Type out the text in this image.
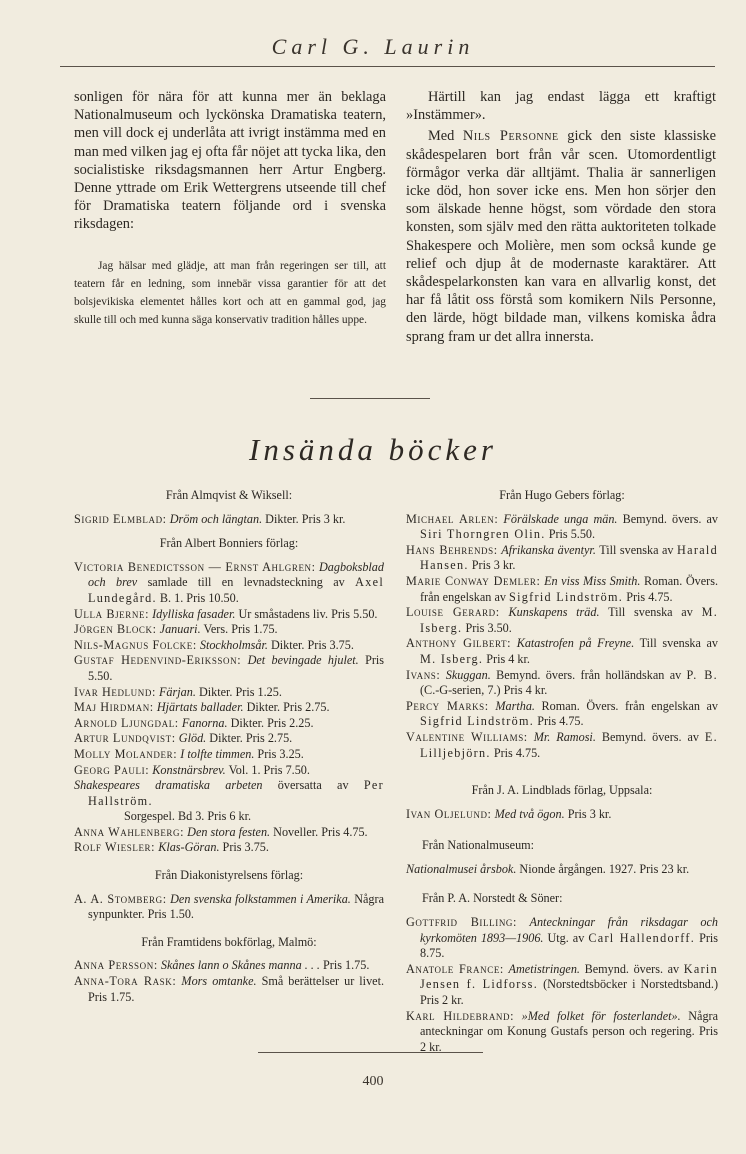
Carl G. Laurin

sonligen för nära för att kunna mer än beklaga Nationalmuseum och lyckönska Dramatiska teatern, men vill dock ej underlåta att ivrigt instämma med en man med vilken jag ej ofta får nöjet att tycka lika, den socialistiske riksdagsmannen herr Artur Engberg. Denne yttrade om Erik Wettergrens utseende till chef för Dramatiska teatern följande ord i svenska riksdagen:

Jag hälsar med glädje, att man från regeringen ser till, att teatern får en ledning, som innebär vissa garantier för att det bolsjevikiska elementet hålles kort och att en gammal god, jag skulle till och med kunna säga konservativ tradition hålles uppe.

Härtill kan jag endast lägga ett kraftigt »Instämmer».

Med Nils Personne gick den siste klassiske skådespelaren bort från vår scen. Utomordentligt förmågor verka där alltjämt. Thalia är sannerligen icke död, hon sover icke ens. Men hon sörjer den som älskade henne högst, som vördade den stora konsten, som själv med den rätta auktoriteten tolkade Shakespere och Molière, men som också kunde ge relief och djup åt de modernaste karaktärer. Att skådespelarkonsten kan vara en allvarlig konst, det har få låtit oss förstå som komikern Nils Personne, den lärde, högt bildade man, vilkens komiska ådra sprang fram ur det allra innersta.

Insända böcker

Från Almqvist & Wiksell:

Sigrid Elmblad: Dröm och längtan. Dikter. Pris 3 kr.

Från Albert Bonniers förlag:

Victoria Benedictsson — Ernst Ahlgren: Dagboksblad och brev samlade till en levnadsteckning av Axel Lundegård. B. 1. Pris 10.50.

Ulla Bjerne: Idylliska fasader. Ur småstadens liv. Pris 5.50.

Jörgen Block: Januari. Vers. Pris 1.75.

Nils-Magnus Folcke: Stockholmsår. Dikter. Pris 3.75.

Gustaf Hedenvind-Eriksson: Det bevingade hjulet. Pris 5.50.

Ivar Hedlund: Färjan. Dikter. Pris 1.25.

Maj Hirdman: Hjärtats ballader. Dikter. Pris 2.75.

Arnold Ljungdal: Fanorna. Dikter. Pris 2.25.

Artur Lundqvist: Glöd. Dikter. Pris 2.75.

Molly Molander: I tolfte timmen. Pris 3.25.

Georg Pauli: Konstnärsbrev. Vol. 1. Pris 7.50.

Shakespeares dramatiska arbeten översatta av Per Hallström.
Sorgespel. Bd 3. Pris 6 kr.

Anna Wahlenberg: Den stora festen. Noveller. Pris 4.75.

Rolf Wiesler: Klas-Göran. Pris 3.75.

Från Diakonistyrelsens förlag:

A. A. Stomberg: Den svenska folkstammen i Amerika. Några synpunkter. Pris 1.50.

Från Framtidens bokförlag, Malmö:

Anna Persson: Skånes lann o Skånes manna . . . Pris 1.75.

Anna-Tora Rask: Mors omtanke. Små berättelser ur livet. Pris 1.75.

Från Hugo Gebers förlag:

Michael Arlen: Förälskade unga män. Bemynd. övers. av Siri Thorngren Olin. Pris 5.50.

Hans Behrends: Afrikanska äventyr. Till svenska av Harald Hansen. Pris 3 kr.

Marie Conway Demler: En viss Miss Smith. Roman. Övers. från engelskan av Sigfrid Lindström. Pris 4.75.

Louise Gerard: Kunskapens träd. Till svenska av M. Isberg. Pris 3.50.

Anthony Gilbert: Katastrofen på Freyne. Till svenska av M. Isberg. Pris 4 kr.

Ivans: Skuggan. Bemynd. övers. från holländskan av P. B. (C.-G-serien, 7.) Pris 4 kr.

Percy Marks: Martha. Roman. Övers. från engelskan av Sigfrid Lindström. Pris 4.75.

Valentine Williams: Mr. Ramosi. Bemynd. övers. av E. Lilljebjörn. Pris 4.75.

Från J. A. Lindblads förlag, Uppsala:

Ivan Oljelund: Med två ögon. Pris 3 kr.

Från Nationalmuseum:

Nationalmusei årsbok. Nionde årgången. 1927. Pris 23 kr.

Från P. A. Norstedt & Söner:

Gottfrid Billing: Anteckningar från riksdagar och kyrkomöten 1893—1906. Utg. av Carl Hallendorff. Pris 8.75.

Anatole France: Ametistringen. Bemynd. övers. av Karin Jensen f. Lidforss. (Norstedtsböcker i Norstedtsband.) Pris 2 kr.

Karl Hildebrand: »Med folket för fosterlandet». Några anteckningar om Konung Gustafs person och regering. Pris 2 kr.

400
